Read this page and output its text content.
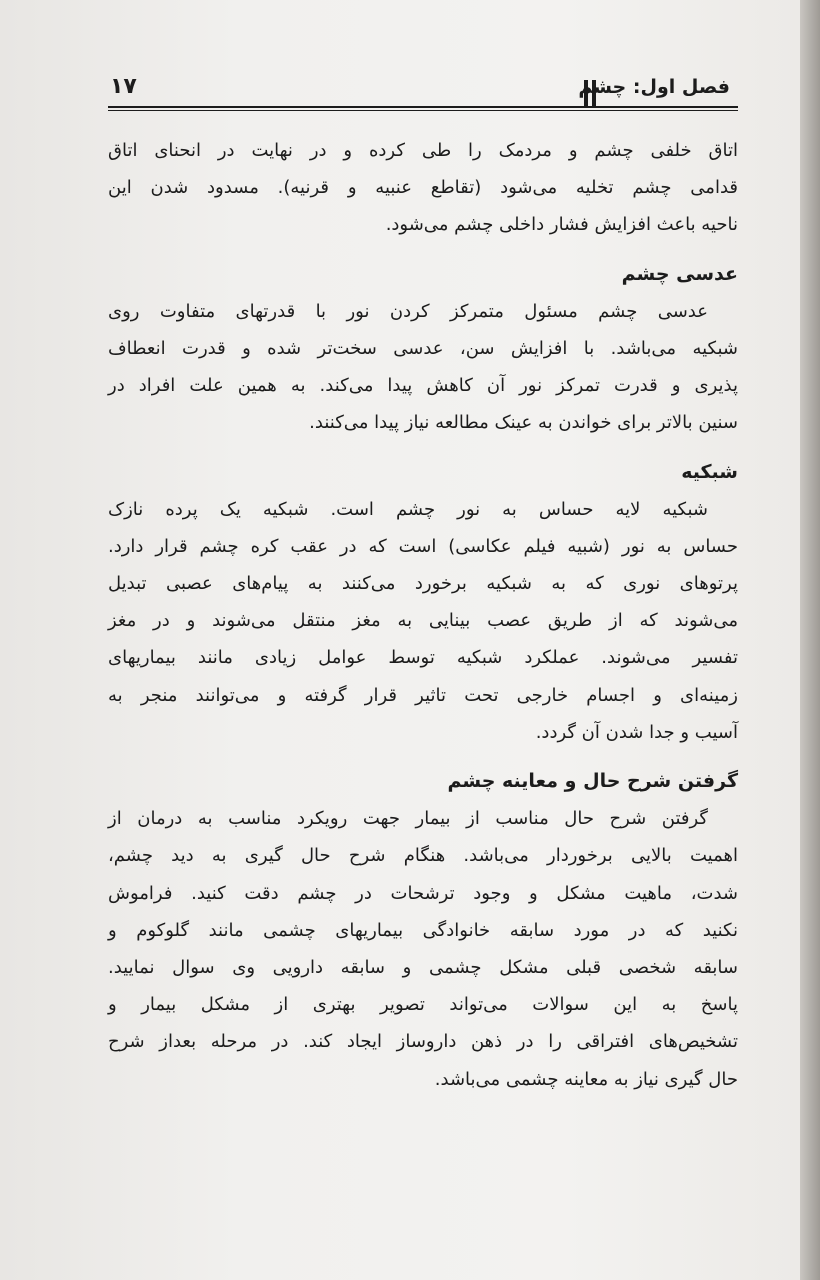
۱۷	فصل اول: چشم
اتاق خلفی چشم و مردمک را طی کرده و در نهایت در انحنای اتاق
قدامی چشم تخلیه می‌شود (تقاطع عنبیه و قرنیه). مسدود شدن این
ناحیه باعث افزایش فشار داخلی چشم می‌شود.
عدسی چشم
عدسی چشم مسئول متمرکز کردن نور با قدرتهای متفاوت روی
شبکیه می‌باشد. با افزایش سن، عدسی سخت‌تر شده و قدرت انعطاف
پذیری و قدرت تمرکز نور آن کاهش پیدا می‌کند. به همین علت افراد در
سنین بالاتر برای خواندن به عینک مطالعه نیاز پیدا می‌کنند.
شبکیه
شبکیه لایه حساس به نور چشم است. شبکیه یک پرده نازک
حساس به نور (شبیه فیلم عکاسی) است که در عقب کره چشم قرار دارد.
پرتوهای نوری که به شبکیه برخورد می‌کنند به پیام‌های عصبی تبدیل
می‌شوند که از طریق عصب بینایی به مغز منتقل می‌شوند و در مغز
تفسیر می‌شوند. عملکرد شبکیه توسط عوامل زیادی مانند بیماریهای
زمینه‌ای و اجسام خارجی تحت تاثیر قرار گرفته و می‌توانند منجر به
آسیب و جدا شدن آن گردد.
گرفتن شرح حال و معاینه چشم
گرفتن شرح حال مناسب از بیمار جهت رویکرد مناسب به درمان از
اهمیت بالایی برخوردار می‌باشد. هنگام شرح حال گیری به دید چشم،
شدت، ماهیت مشکل و وجود ترشحات در چشم دقت کنید. فراموش
نکنید که در مورد سابقه خانوادگی بیماریهای چشمی مانند گلوکوم و
سابقه شخصی قبلی مشکل چشمی و سابقه دارویی وی سوال نمایید.
پاسخ به این سوالات می‌تواند تصویر بهتری از مشکل بیمار و
تشخیص‌های افتراقی را در ذهن داروساز ایجاد کند. در مرحله بعداز شرح
حال گیری نیاز به معاینه چشمی می‌باشد.
